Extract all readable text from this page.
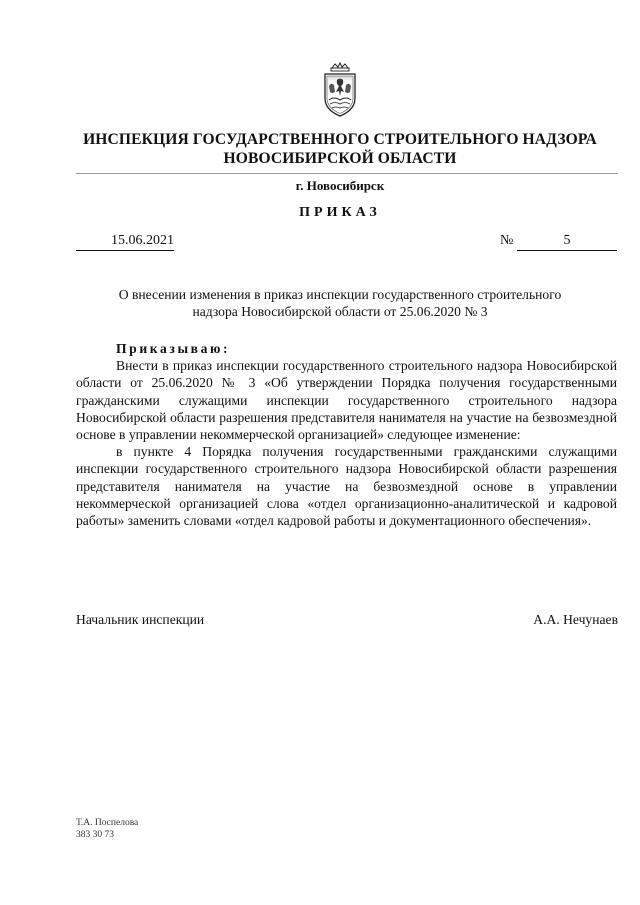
ИНСПЕКЦИЯ ГОСУДАРСТВЕННОГО СТРОИТЕЛЬНОГО НАДЗОРА
НОВОСИБИРСКОЙ ОБЛАСТИ
г. Новосибирск
ПРИКАЗ
15.06.2021	№	5
О внесении изменения в приказ инспекции государственного строительного
надзора Новосибирской области от 25.06.2020 № 3

Приказываю:

Внести в приказ инспекции государственного строительного надзора Новосибирской области от 25.06.2020 № 3 «Об утверждении Порядка получения государственными гражданскими служащими инспекции государственного строительного надзора Новосибирской области разрешения представителя нанимателя на участие на безвозмездной основе в управлении некоммерческой организацией» следующее изменение:

в пункте 4 Порядка получения государственными гражданскими служащими инспекции государственного строительного надзора Новосибирской области разрешения представителя нанимателя на участие на безвозмездной основе в управлении некоммерческой организацией слова «отдел организационно-аналитической и кадровой работы» заменить словами «отдел кадровой работы и документационного обеспечения».

Начальник инспекции	А.А. Нечунаев
Т.А. Поспелова
383 30 73
